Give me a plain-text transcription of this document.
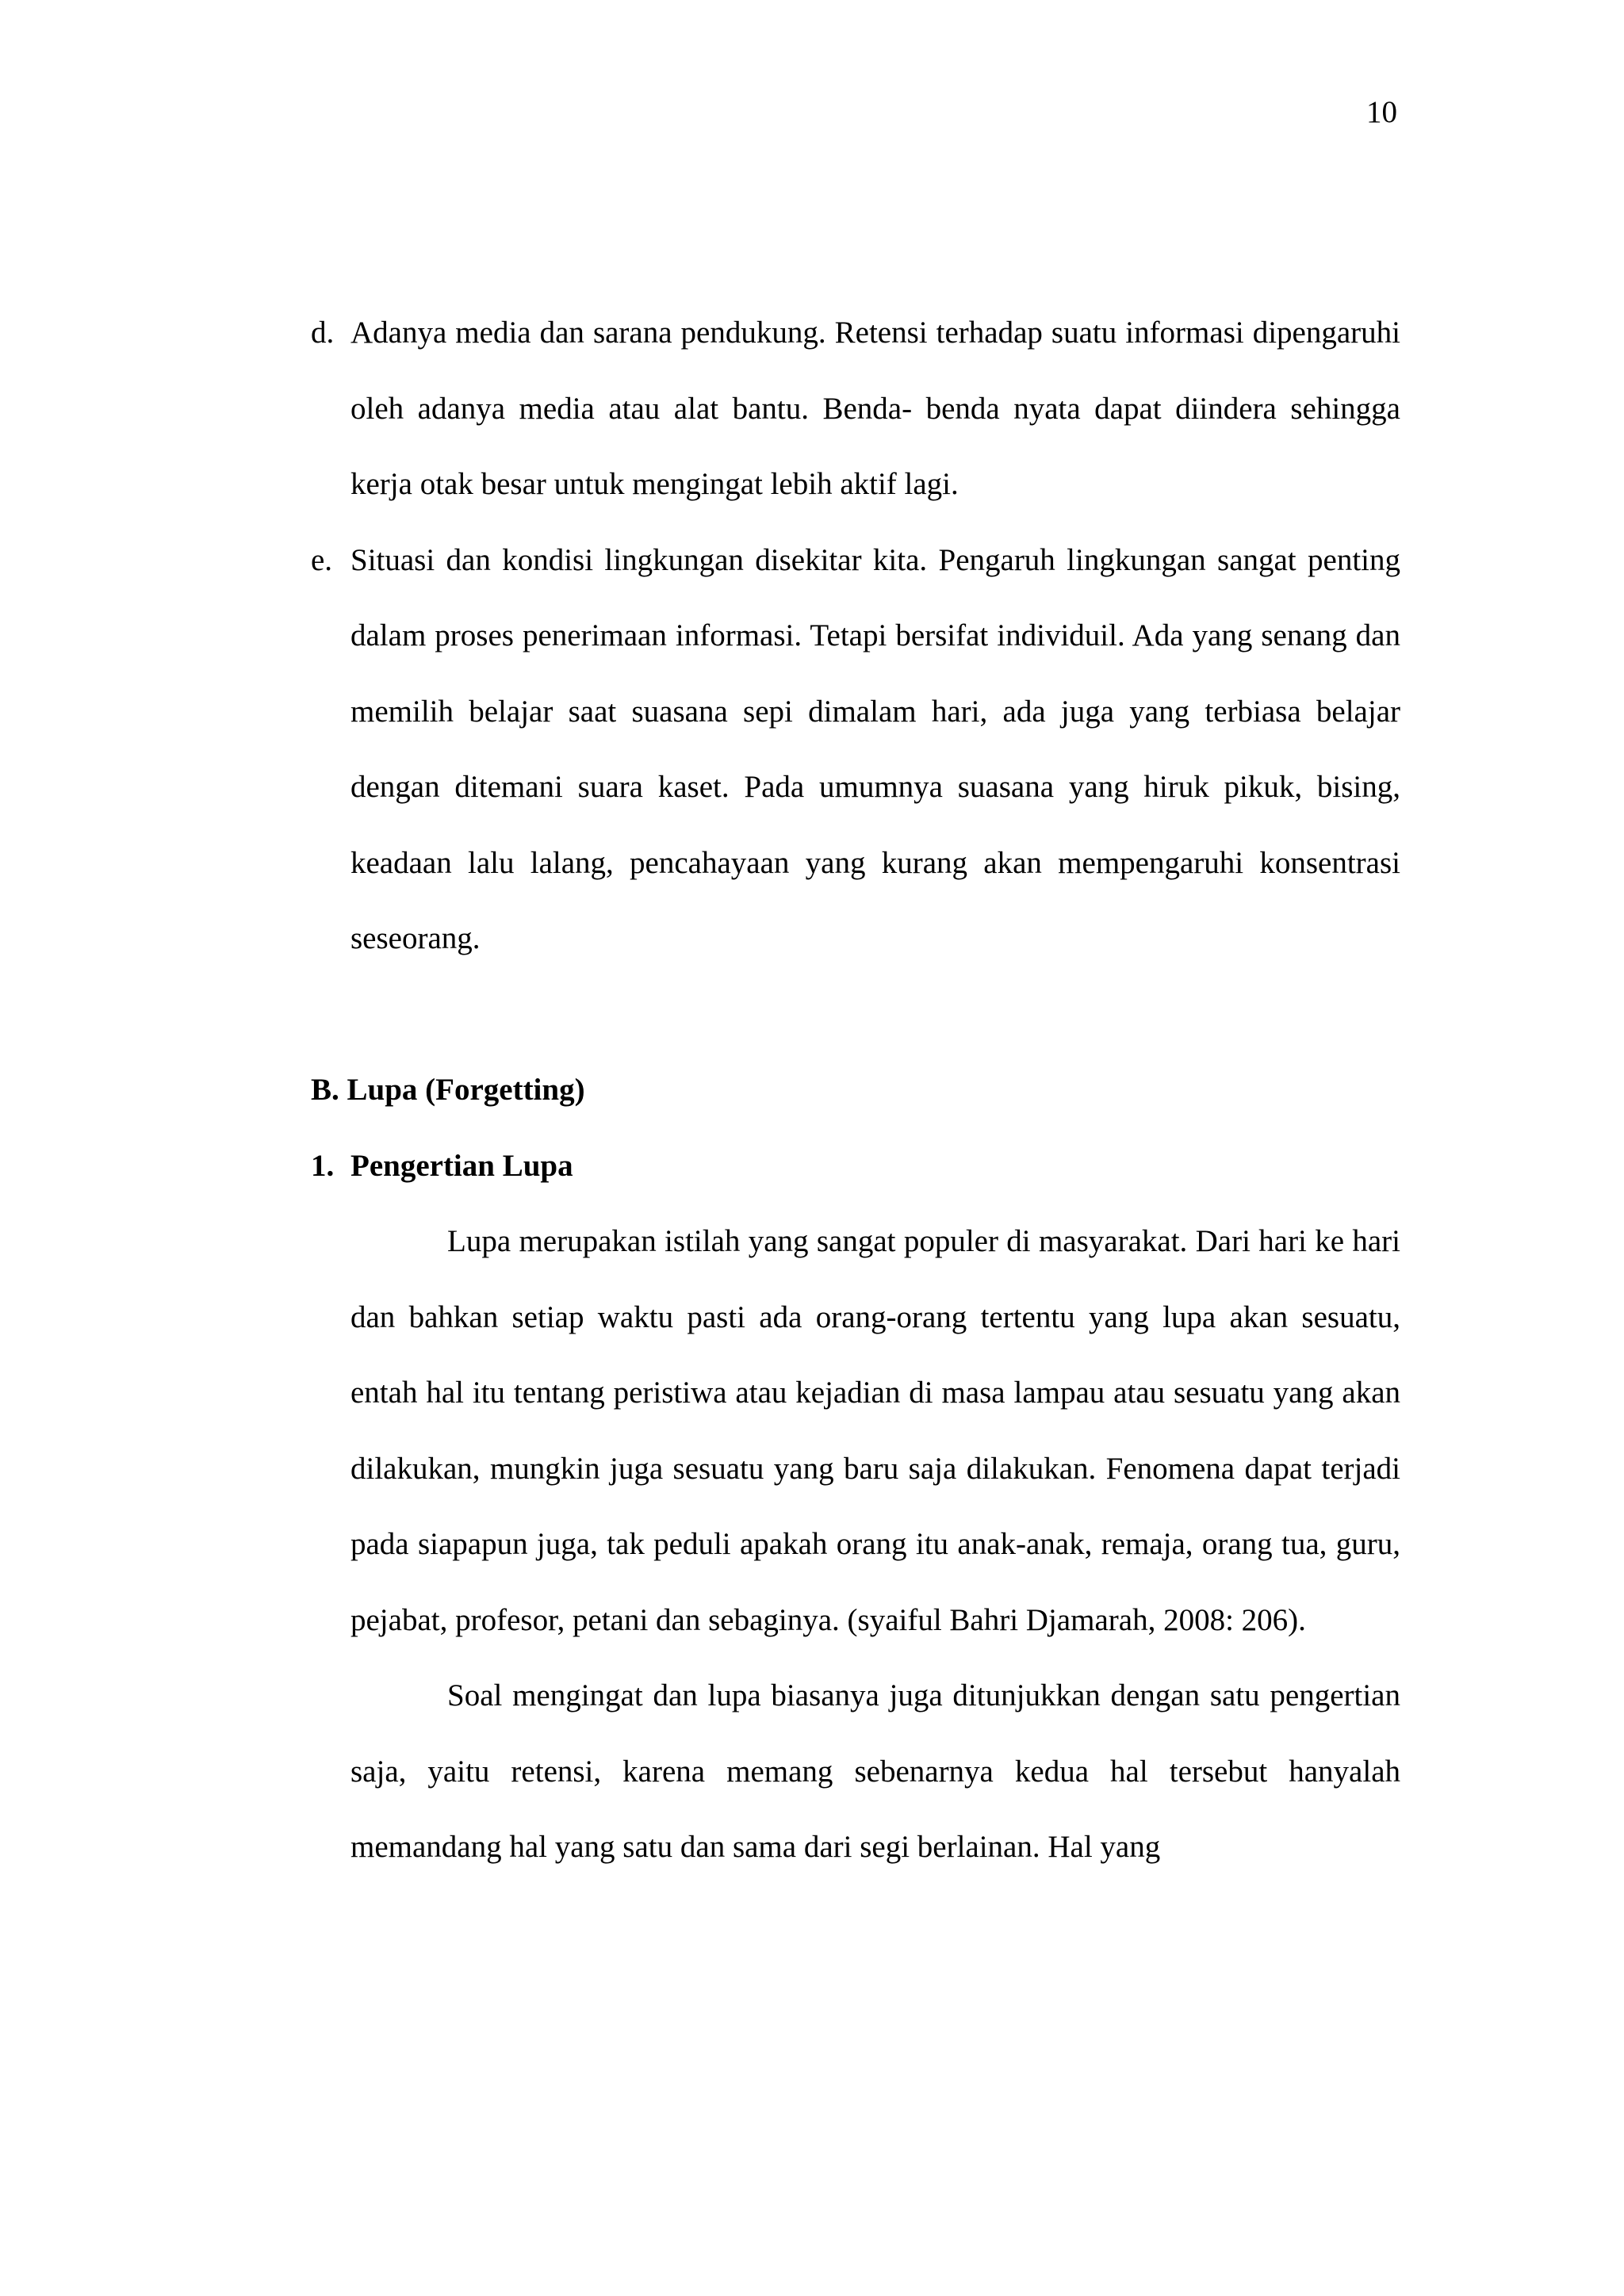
10
d. Adanya media dan sarana pendukung. Retensi terhadap suatu informasi dipengaruhi oleh adanya media atau alat bantu. Benda- benda nyata dapat diindera sehingga kerja otak besar untuk mengingat lebih aktif lagi.
e. Situasi dan kondisi lingkungan disekitar kita. Pengaruh lingkungan sangat penting dalam proses penerimaan informasi. Tetapi bersifat individuil. Ada yang senang dan memilih belajar saat suasana sepi dimalam hari, ada juga yang terbiasa belajar dengan ditemani suara kaset. Pada umumnya suasana yang hiruk pikuk, bising, keadaan lalu lalang, pencahayaan yang kurang akan mempengaruhi konsentrasi seseorang.
B. Lupa (Forgetting)
1. Pengertian Lupa

Lupa merupakan istilah yang sangat populer di masyarakat. Dari hari ke hari dan bahkan setiap waktu pasti ada orang-orang tertentu yang lupa akan sesuatu, entah hal itu tentang peristiwa atau kejadian di masa lampau atau sesuatu yang akan dilakukan, mungkin juga sesuatu yang baru saja dilakukan. Fenomena dapat terjadi pada siapapun juga, tak peduli apakah orang itu anak-anak, remaja, orang tua, guru, pejabat, profesor, petani dan sebaginya. (syaiful Bahri Djamarah, 2008: 206).

Soal mengingat dan lupa biasanya juga ditunjukkan dengan satu pengertian saja, yaitu retensi, karena memang sebenarnya kedua hal tersebut hanyalah memandang hal yang satu dan sama dari segi berlainan. Hal yang
